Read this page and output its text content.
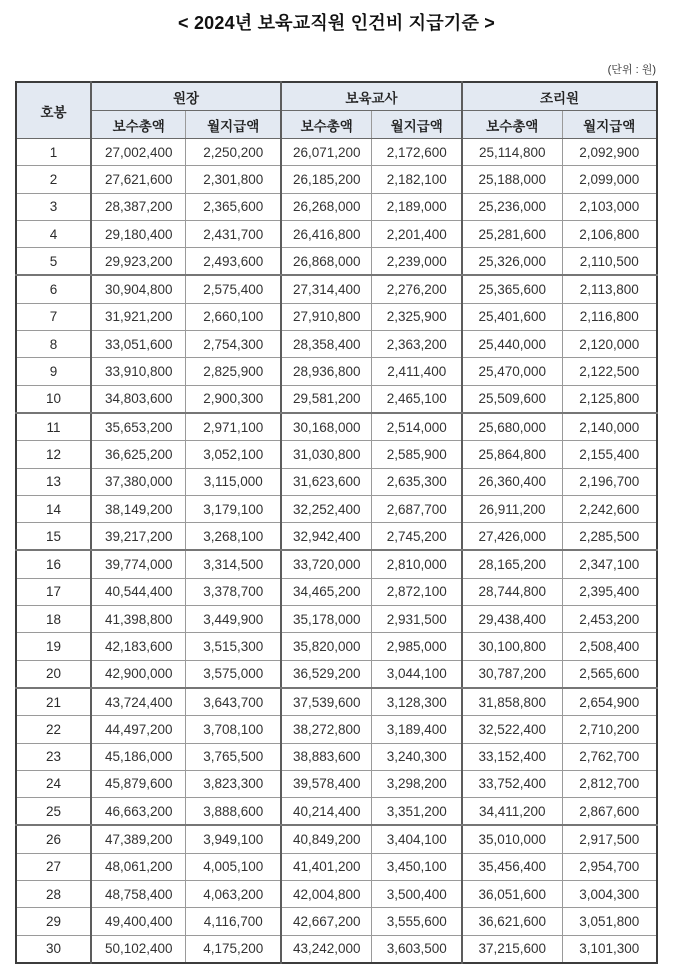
< 2024년 보육교직원 인건비 지급기준 >
(단위 : 원)
호봉	원장		보육교사		조리원	
	보수총액	월지급액	보수총액	월지급액	보수총액	월지급액
1	27,002,400	2,250,200	26,071,200	2,172,600	25,114,800	2,092,900
2	27,621,600	2,301,800	26,185,200	2,182,100	25,188,000	2,099,000
3	28,387,200	2,365,600	26,268,000	2,189,000	25,236,000	2,103,000
4	29,180,400	2,431,700	26,416,800	2,201,400	25,281,600	2,106,800
5	29,923,200	2,493,600	26,868,000	2,239,000	25,326,000	2,110,500
6	30,904,800	2,575,400	27,314,400	2,276,200	25,365,600	2,113,800
7	31,921,200	2,660,100	27,910,800	2,325,900	25,401,600	2,116,800
8	33,051,600	2,754,300	28,358,400	2,363,200	25,440,000	2,120,000
9	33,910,800	2,825,900	28,936,800	2,411,400	25,470,000	2,122,500
10	34,803,600	2,900,300	29,581,200	2,465,100	25,509,600	2,125,800
11	35,653,200	2,971,100	30,168,000	2,514,000	25,680,000	2,140,000
12	36,625,200	3,052,100	31,030,800	2,585,900	25,864,800	2,155,400
13	37,380,000	3,115,000	31,623,600	2,635,300	26,360,400	2,196,700
14	38,149,200	3,179,100	32,252,400	2,687,700	26,911,200	2,242,600
15	39,217,200	3,268,100	32,942,400	2,745,200	27,426,000	2,285,500
16	39,774,000	3,314,500	33,720,000	2,810,000	28,165,200	2,347,100
17	40,544,400	3,378,700	34,465,200	2,872,100	28,744,800	2,395,400
18	41,398,800	3,449,900	35,178,000	2,931,500	29,438,400	2,453,200
19	42,183,600	3,515,300	35,820,000	2,985,000	30,100,800	2,508,400
20	42,900,000	3,575,000	36,529,200	3,044,100	30,787,200	2,565,600
21	43,724,400	3,643,700	37,539,600	3,128,300	31,858,800	2,654,900
22	44,497,200	3,708,100	38,272,800	3,189,400	32,522,400	2,710,200
23	45,186,000	3,765,500	38,883,600	3,240,300	33,152,400	2,762,700
24	45,879,600	3,823,300	39,578,400	3,298,200	33,752,400	2,812,700
25	46,663,200	3,888,600	40,214,400	3,351,200	34,411,200	2,867,600
26	47,389,200	3,949,100	40,849,200	3,404,100	35,010,000	2,917,500
27	48,061,200	4,005,100	41,401,200	3,450,100	35,456,400	2,954,700
28	48,758,400	4,063,200	42,004,800	3,500,400	36,051,600	3,004,300
29	49,400,400	4,116,700	42,667,200	3,555,600	36,621,600	3,051,800
30	50,102,400	4,175,200	43,242,000	3,603,500	37,215,600	3,101,300
